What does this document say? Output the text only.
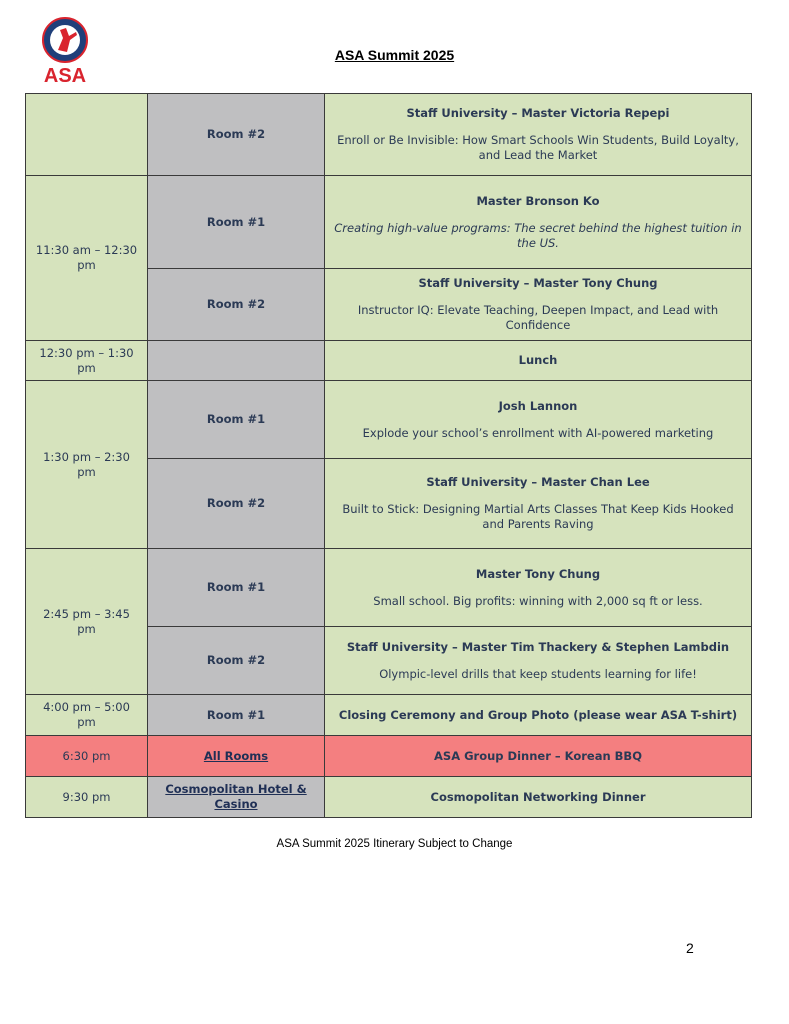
ASA
ASA Summit 2025
	Room #2	Staff University – Master Victoria Repepi
Enroll or Be Invisible: How Smart Schools Win Students, Build Loyalty, and Lead the Market

11:30 am – 12:30 pm	Room #1	Master Bronson Ko
Creating high-value programs: The secret behind the highest tuition in the US.

	Room #2	Staff University – Master Tony Chung
Instructor IQ: Elevate Teaching, Deepen Impact, and Lead with Confidence

12:30 pm – 1:30 pm		Lunch

1:30 pm – 2:30 pm	Room #1	Josh Lannon
Explode your school’s enrollment with AI-powered marketing

	Room #2	Staff University – Master Chan Lee
Built to Stick: Designing Martial Arts Classes That Keep Kids Hooked and Parents Raving

2:45 pm – 3:45 pm	Room #1	Master Tony Chung
Small school. Big profits: winning with 2,000 sq ft or less.

	Room #2	Staff University – Master Tim Thackery & Stephen Lambdin
Olympic-level drills that keep students learning for life!

4:00 pm – 5:00 pm	Room #1	Closing Ceremony and Group Photo (please wear ASA T-shirt)

6:30 pm	All Rooms	ASA Group Dinner – Korean BBQ

9:30 pm	Cosmopolitan Hotel & Casino	Cosmopolitan Networking Dinner
ASA Summit 2025 Itinerary Subject to Change
2
